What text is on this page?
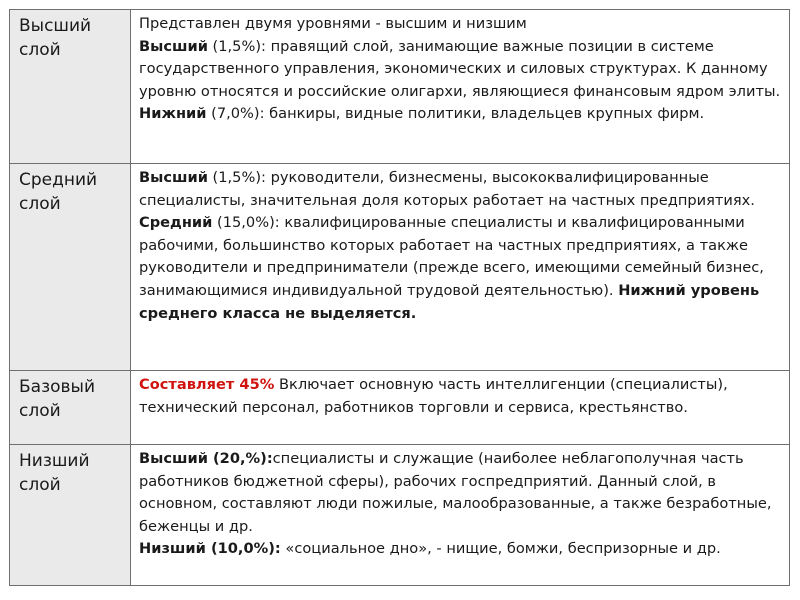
Высший слой	Представлен двумя уровнями - высшим и низшим
Высший (1,5%): правящий слой, занимающие важные позиции в системе государственного управления, экономических и силовых структурах. К данному уровню относятся и российские олигархи, являющиеся финансовым ядром элиты.
Нижний (7,0%): банкиры, видные политики, владельцев крупных фирм.

Средний слой	Высший (1,5%): руководители, бизнесмены, высококвалифицированные специалисты, значительная доля которых работает на частных предприятиях. Средний (15,0%): квалифицированные специалисты и квалифицированными рабочими, большинство которых работает на частных предприятиях, а также руководители и предприниматели (прежде всего, имеющими семейный бизнес, занимающимися индивидуальной трудовой деятельностью). Нижний уровень среднего класса не выделяется.
Базовый слой	Составляет 45% Включает основную часть интеллигенции (специалисты), технический персонал, работников торговли и сервиса, крестьянство.
Низший слой	Высший (20,%):специалисты и служащие (наиболее неблагополучная часть работников бюджетной сферы), рабочих госпредприятий. Данный слой, в основном, составляют люди пожилые, малообразованные, а также безработные, беженцы и др.
Низший (10,0%): «социальное дно», - нищие, бомжи, беспризорные и др.
